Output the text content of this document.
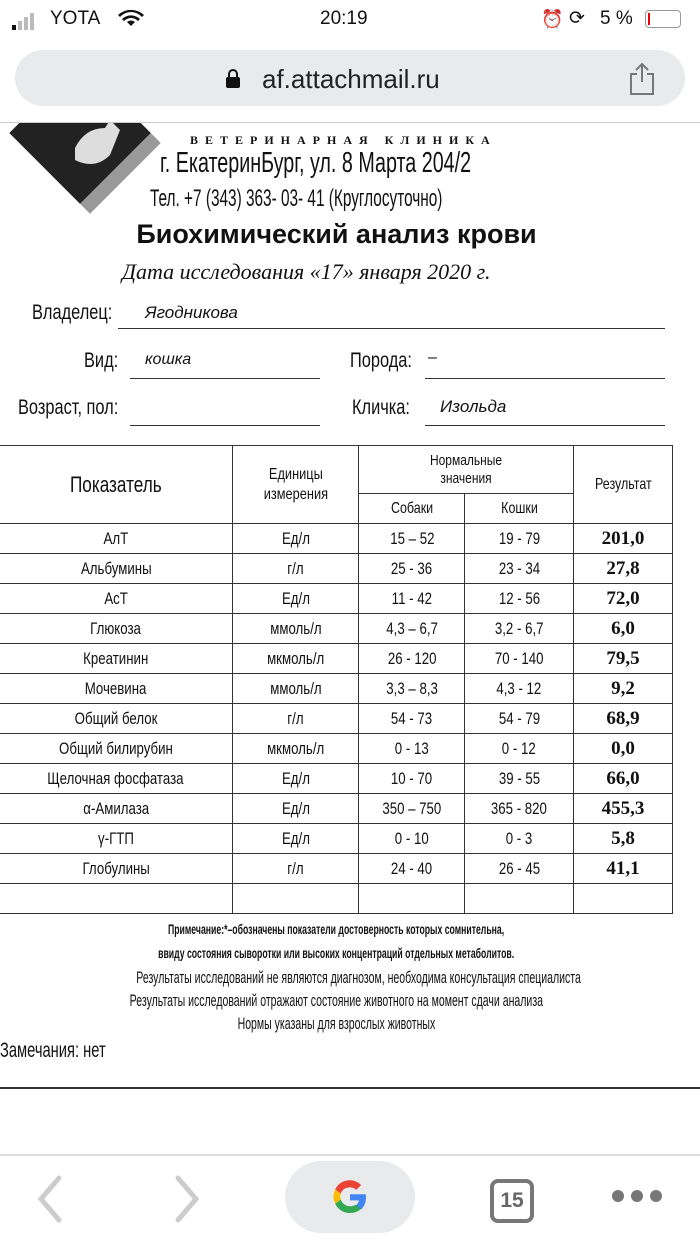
YOTA	20:19	⏰ ⟳ 5 %
af.attachmail.ru
ВЕТЕРИНАРНАЯ КЛИНИКА
г. ЕкатеринБург, ул. 8 Марта 204/2
Тел. +7 (343) 363- 03- 41 (Круглосуточно)
Биохимический анализ крови
Дата исследования «17» января 2020 г.
Владелец:	Ягодникова
Вид:	кошка	Порода:	–
Возраст, пол:	Кличка:	Изольда
Показатель	Единицы измерения	Нормальные значения		Результат
		Собаки	Кошки	
АлТ	Ед/л	15 – 52	19 - 79	201,0
Альбумины	г/л	25 - 36	23 - 34	27,8
АсТ	Ед/л	11 - 42	12 - 56	72,0
Глюкоза	ммоль/л	4,3 – 6,7	3,2 - 6,7	6,0
Креатинин	мкмоль/л	26 - 120	70 - 140	79,5
Мочевина	ммоль/л	3,3 – 8,3	4,3 - 12	9,2
Общий белок	г/л	54 - 73	54 - 79	68,9
Общий билирубин	мкмоль/л	0 - 13	0 - 12	0,0
Щелочная фосфатаза	Ед/л	10 - 70	39 - 55	66,0
α-Амилаза	Ед/л	350 – 750	365 - 820	455,3
γ-ГТП	Ед/л	0 - 10	0 - 3	5,8
Глобулины	г/л	24 - 40	26 - 45	41,1

Примечание:*–обозначены показатели достоверность которых сомнительна,
ввиду состояния сыворотки или высоких концентраций отдельных метаболитов.
Результаты исследований не являются диагнозом, необходима консультация специалиста
Результаты исследований отражают состояние животного на момент сдачи анализа
Нормы указаны для взрослых животных
Замечания: нет
15
